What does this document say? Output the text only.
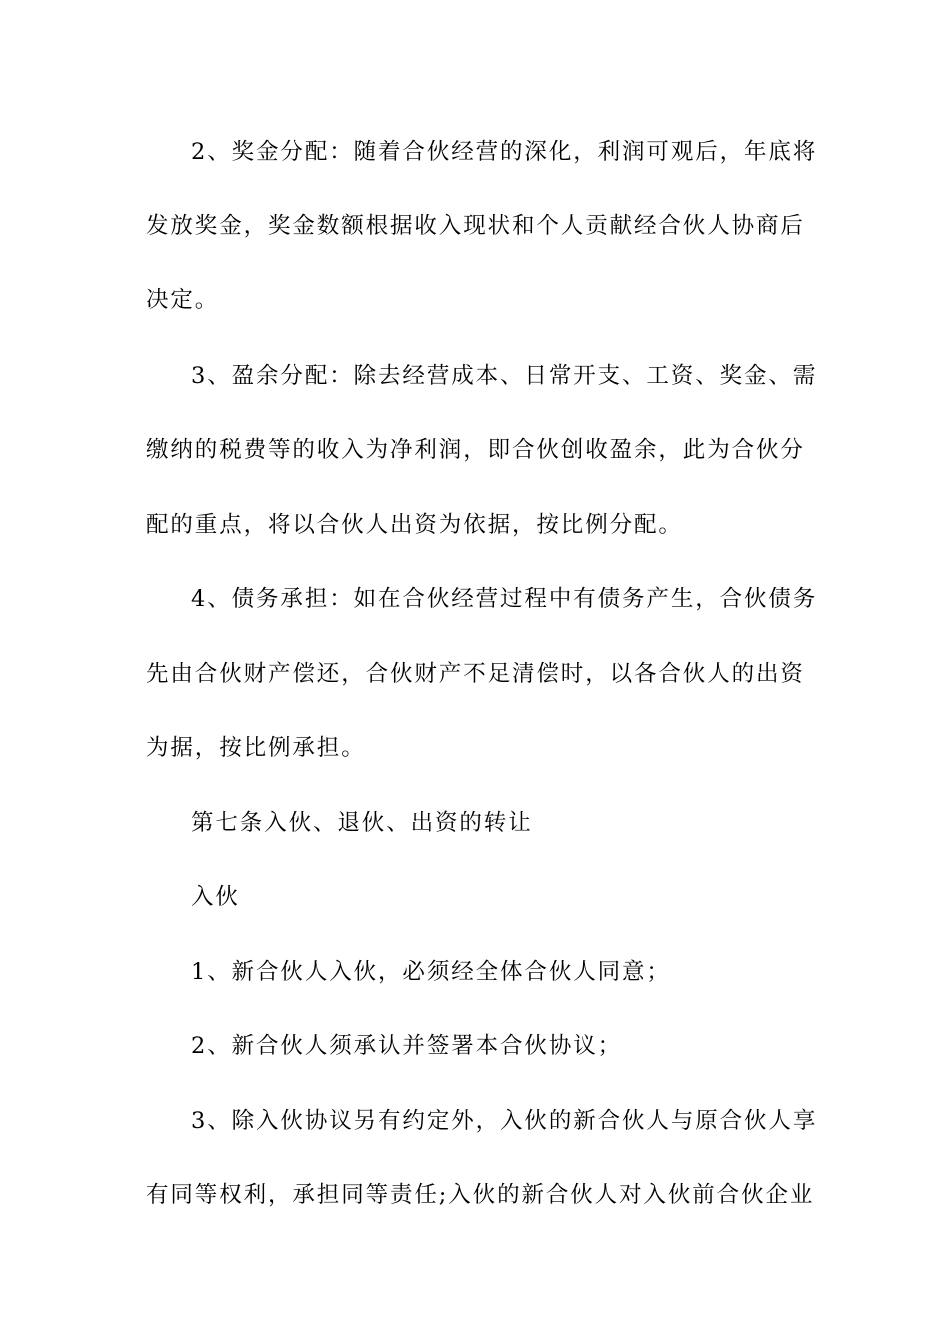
2、奖金分配：随着合伙经营的深化，利润可观后，年底将
发放奖金，奖金数额根据收入现状和个人贡献经合伙人协商后
决定。
3、盈余分配：除去经营成本、日常开支、工资、奖金、需
缴纳的税费等的收入为净利润，即合伙创收盈余，此为合伙分
配的重点，将以合伙人出资为依据，按比例分配。
4、债务承担：如在合伙经营过程中有债务产生，合伙债务
先由合伙财产偿还，合伙财产不足清偿时，以各合伙人的出资
为据，按比例承担。
第七条入伙、退伙、出资的转让
入伙
1、新合伙人入伙，必须经全体合伙人同意；
2、新合伙人须承认并签署本合伙协议；
3、除入伙协议另有约定外，入伙的新合伙人与原合伙人享
有同等权利，承担同等责任;入伙的新合伙人对入伙前合伙企业
